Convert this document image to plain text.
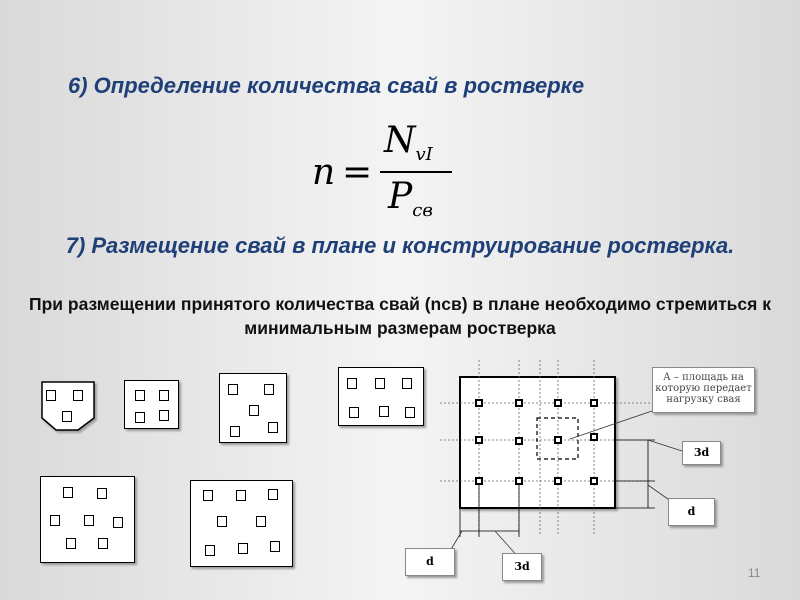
6) Определение количества свай в ростверке
n =
$N_{vI}$
$P_{св}$
7) Размещение свай в плане и конструирование ростверка.
При размещении принятого количества свай (nсв) в плане необходимо стремиться к минимальным размерам ростверка
А – площадь на которую передает нагрузку свая
3d
d
d	3d	11
